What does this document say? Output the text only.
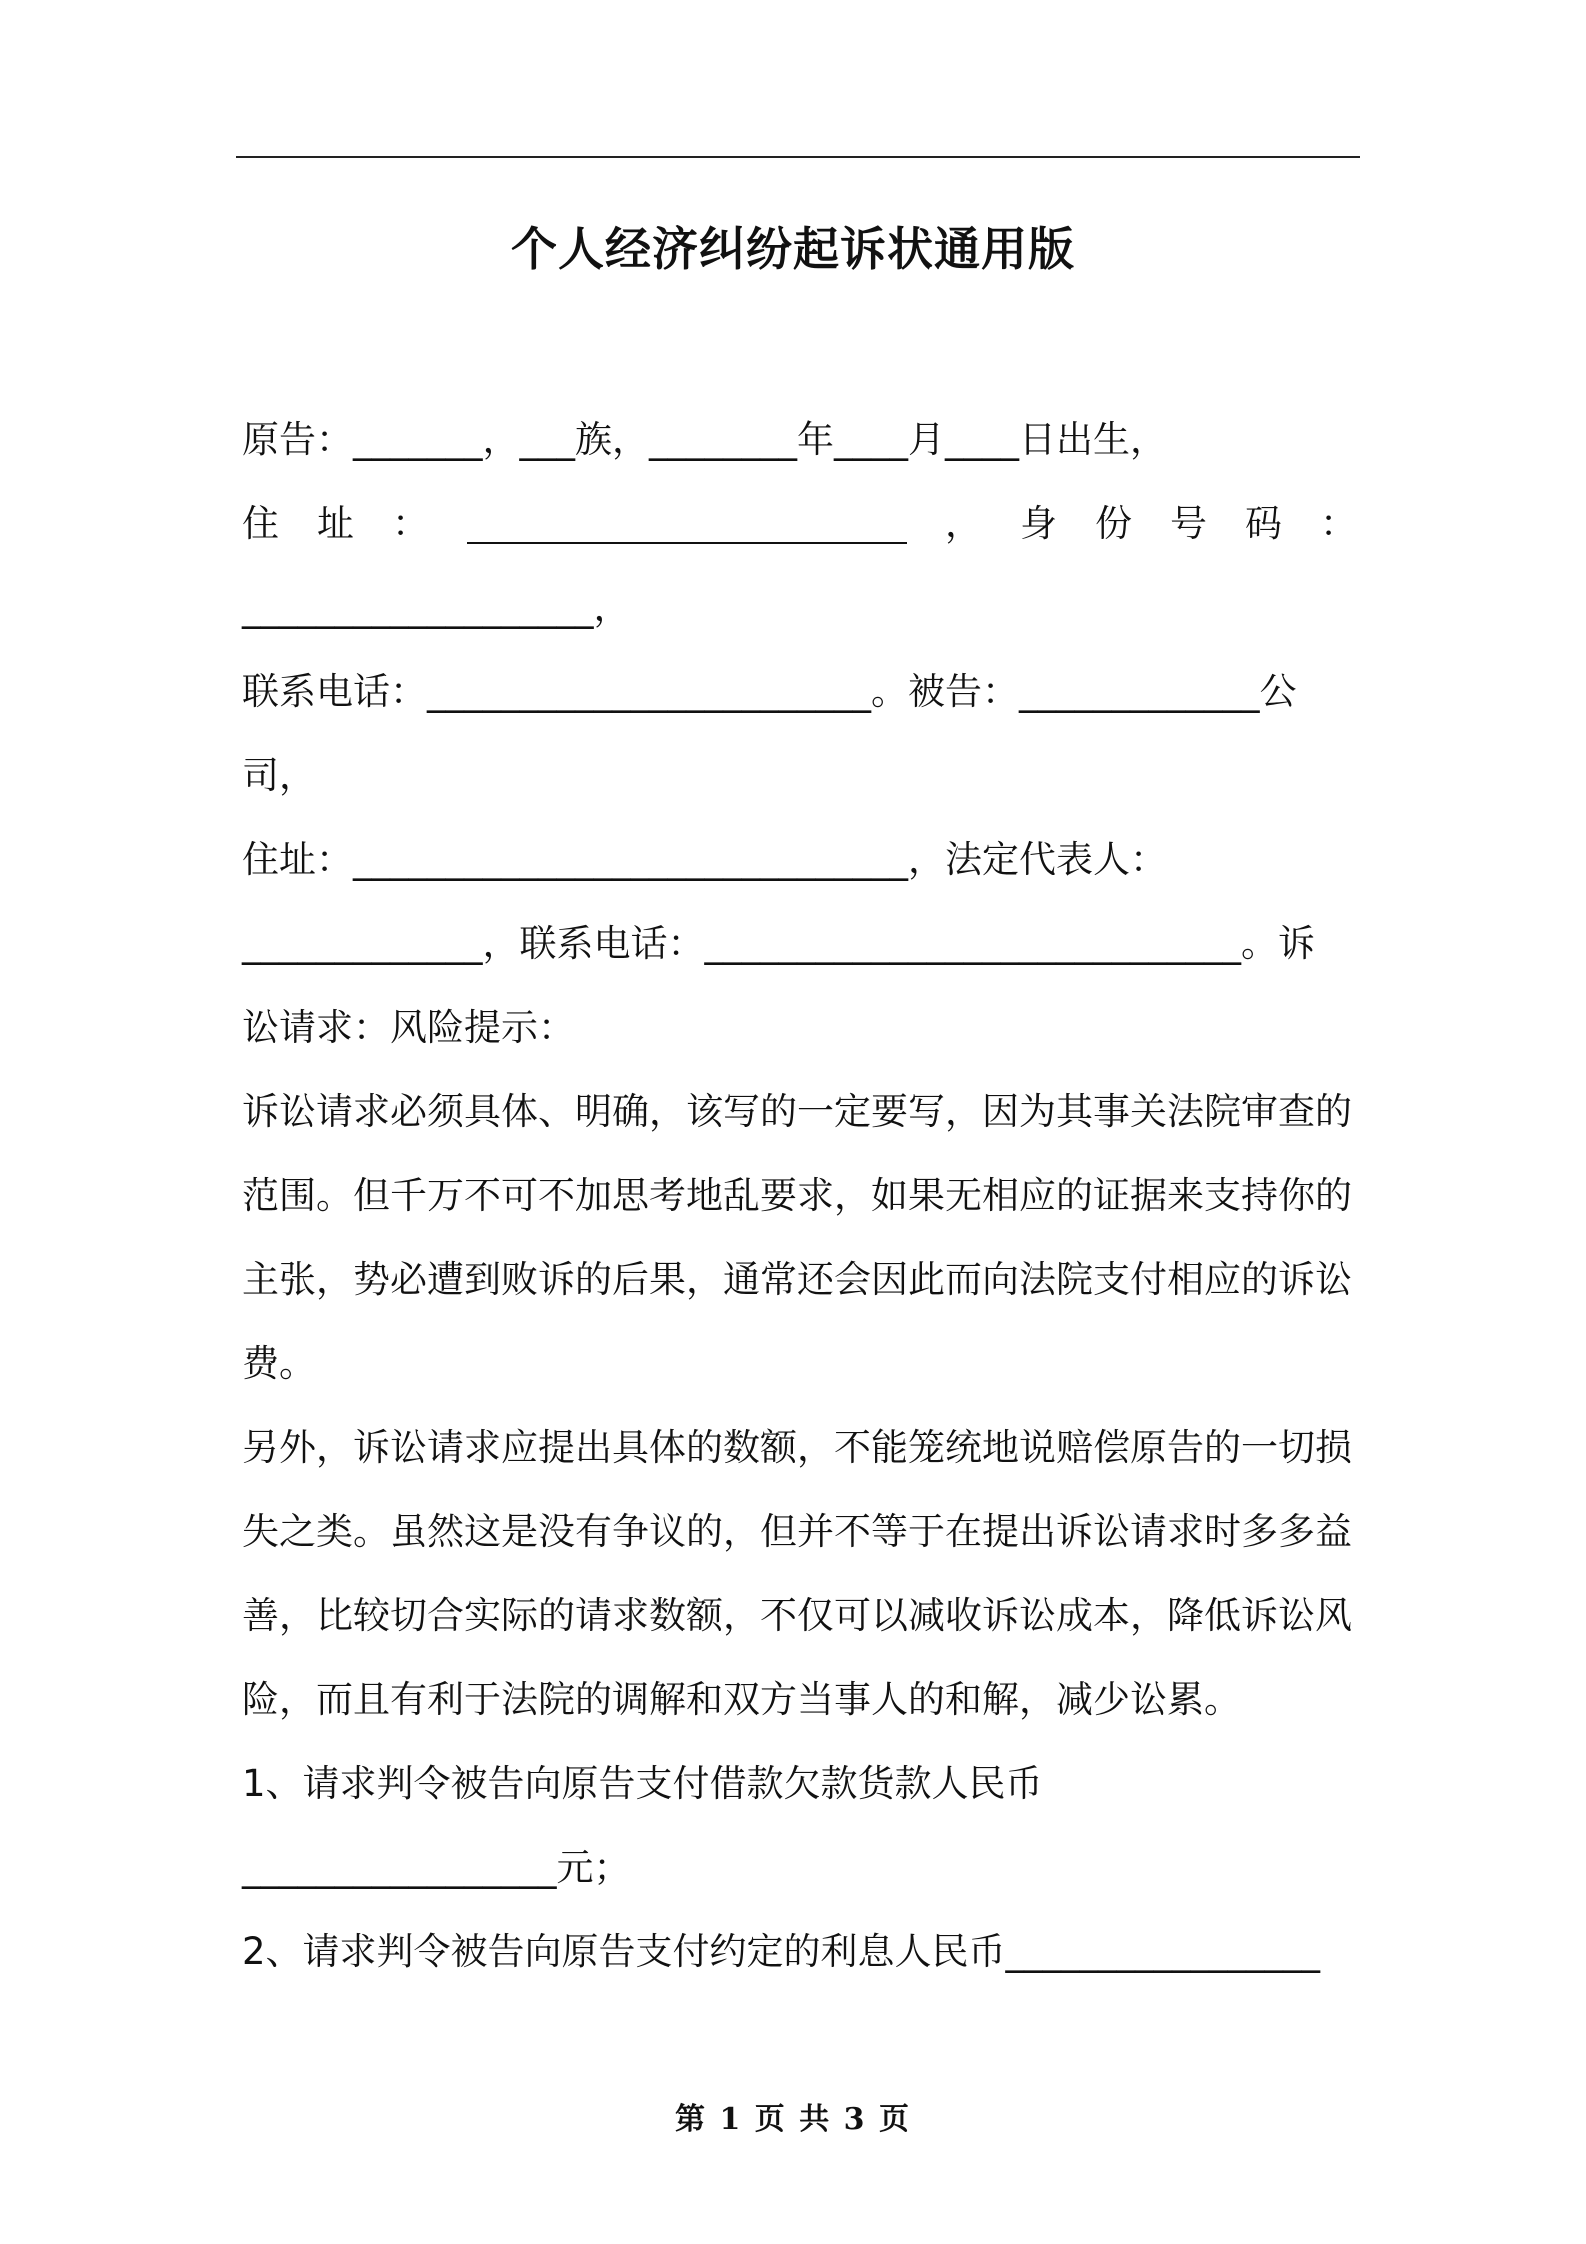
个人经济纠纷起诉状通用版
原告：_______，___族，________年____月____日出生，
住 址 ：	， 身 份 号 码 ：
___________________，
联系电话：________________________。被告：_____________公
司，
住址：______________________________，法定代表人：
_____________，联系电话：_____________________________。诉
讼请求：风险提示：
诉讼请求必须具体、明确，该写的一定要写，因为其事关法院审查的
范围。但千万不可不加思考地乱要求，如果无相应的证据来支持你的
主张，势必遭到败诉的后果，通常还会因此而向法院支付相应的诉讼
费。
另外，诉讼请求应提出具体的数额，不能笼统地说赔偿原告的一切损
失之类。虽然这是没有争议的，但并不等于在提出诉讼请求时多多益
善，比较切合实际的请求数额，不仅可以减收诉讼成本，降低诉讼风
险，而且有利于法院的调解和双方当事人的和解，减少讼累。
1、请求判令被告向原告支付借款欠款货款人民币
_________________元；
2、请求判令被告向原告支付约定的利息人民币_________________
第 1 页 共 3 页
